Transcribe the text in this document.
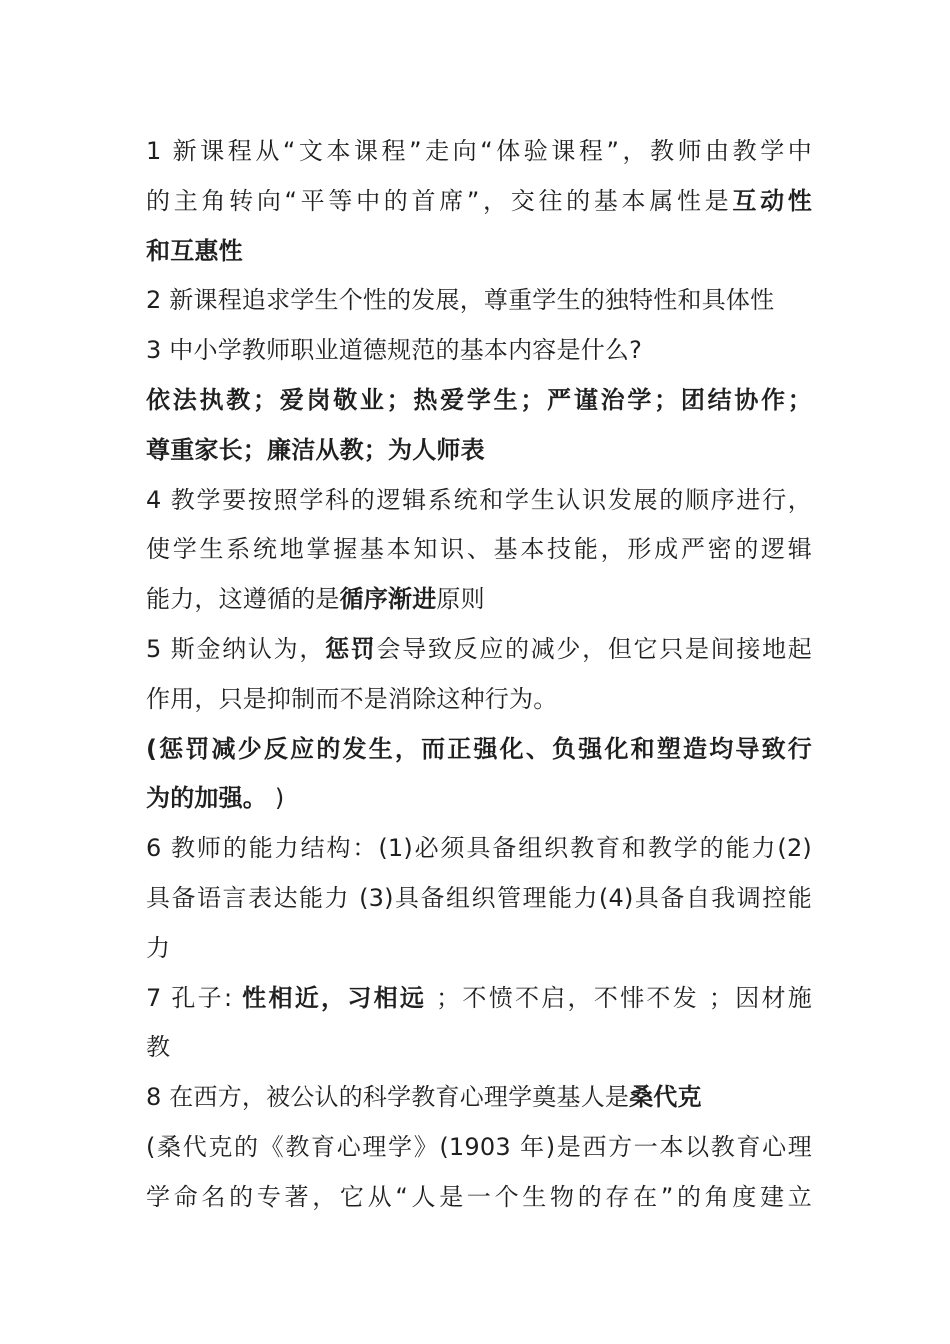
1 新课程从“文本课程”走向“体验课程”，教师由教学中
的主角转向“平等中的首席”，交往的基本属性是互动性
和互惠性
2 新课程追求学生个性的发展，尊重学生的独特性和具体性
3 中小学教师职业道德规范的基本内容是什么?
依法执教；爱岗敬业；热爱学生；严谨治学；团结协作；
尊重家长；廉洁从教；为人师表
4 教学要按照学科的逻辑系统和学生认识发展的顺序进行，
使学生系统地掌握基本知识、基本技能，形成严密的逻辑
能力，这遵循的是循序渐进原则
5 斯金纳认为，惩罚会导致反应的减少，但它只是间接地起
作用，只是抑制而不是消除这种行为。
(惩罚减少反应的发生，而正强化、负强化和塑造均导致行
为的加强。 )
6 教师的能力结构：(1)必须具备组织教育和教学的能力(2)
具备语言表达能力 (3)具备组织管理能力(4)具备自我调控能
力
7 孔子: 性相近，习相远 ；不愤不启，不悱不发 ；因材施
教
8 在西方，被公认的科学教育心理学奠基人是桑代克
(桑代克的《教育心理学》(1903 年)是西方一本以教育心理
学命名的专著，它从“人是一个生物的存在”的角度建立
